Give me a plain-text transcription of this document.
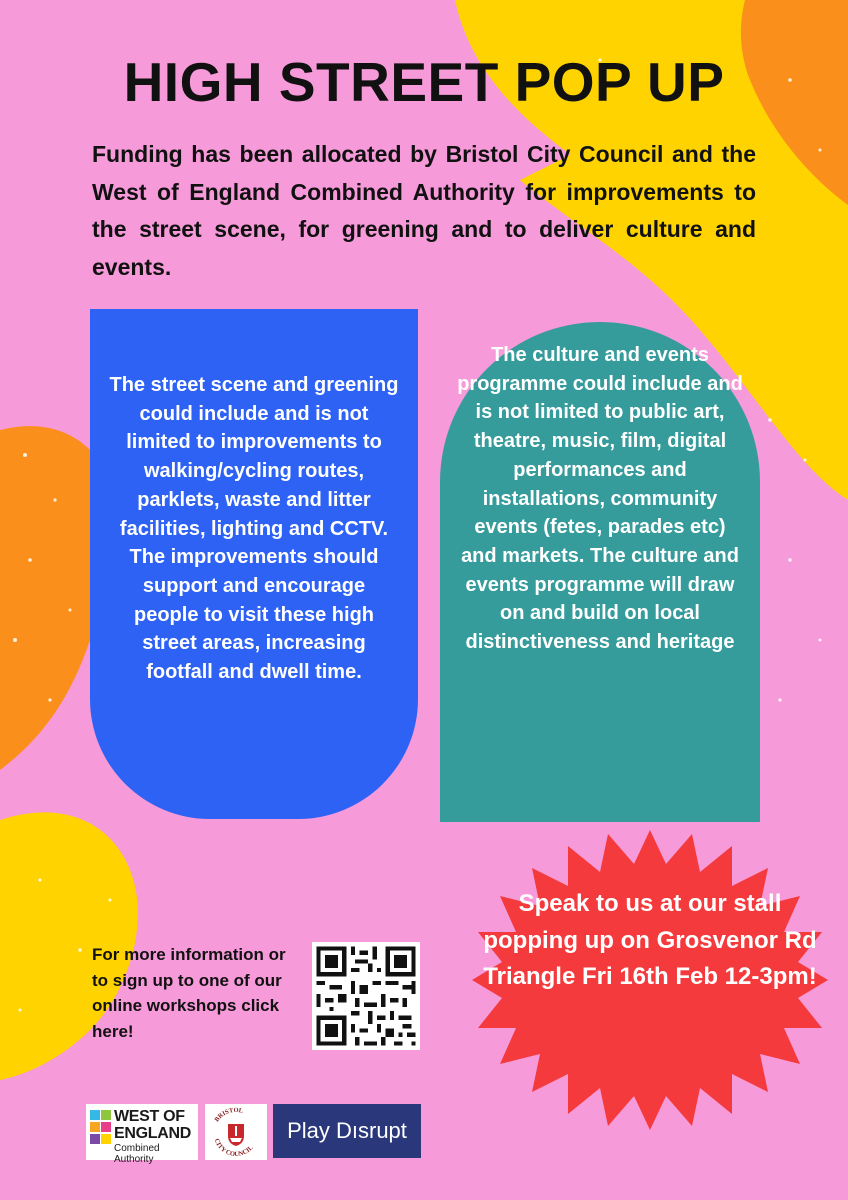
HIGH STREET POP UP

Funding has been allocated by Bristol City Council and the West of England Combined Authority for improvements to the street scene, for greening and to deliver culture and events.

The street scene and greening could include and is not limited to improvements to walking/cycling routes, parklets, waste and litter facilities, lighting and CCTV. The improvements should support and encourage people to visit these high street areas, increasing footfall and dwell time.

The culture and events programme could include and is not limited to public art, theatre, music, film, digital performances and installations, community events (fetes, parades etc) and markets. The culture and events programme will draw on and build on local distinctiveness and heritage

Speak to us at our stall popping up on Grosvenor Rd Triangle Fri 16th Feb 12-3pm!

For more information or to sign up to one of our online workshops click here!

WEST OF
ENGLAND
Combined Authority
BRISTOL
CITY COUNCIL
Play Dısrupt
